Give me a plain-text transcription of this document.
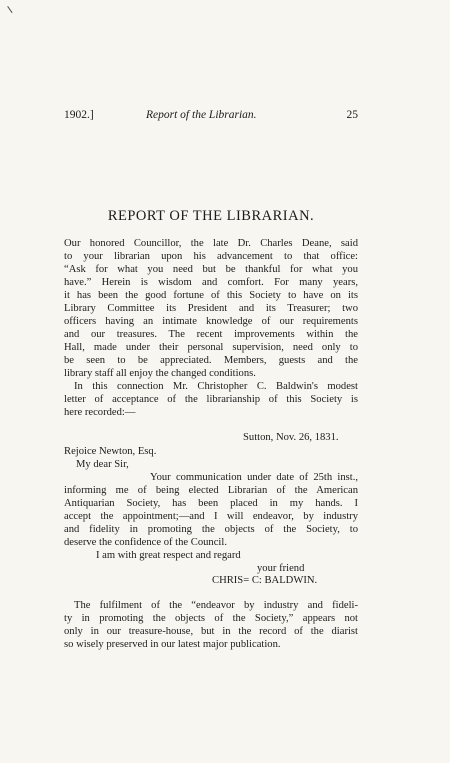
1902.]	Report of the Librarian.	25
REPORT OF THE LIBRARIAN.
Our honored Councillor, the late Dr. Charles Deane, said
to your librarian upon his advancement to that office:
“Ask for what you need but be thankful for what you
have.” Herein is wisdom and comfort. For many years,
it has been the good fortune of this Society to have on its
Library Committee its President and its Treasurer; two
officers having an intimate knowledge of our requirements
and our treasures. The recent improvements within the
Hall, made under their personal supervision, need only to
be seen to be appreciated. Members, guests and the
library staff all enjoy the changed conditions.
In this connection Mr. Christopher C. Baldwin's modest
letter of acceptance of the librarianship of this Society is
here recorded:—
Sutton, Nov. 26, 1831.
Rejoice Newton, Esq.
My dear Sir,
Your communication under date of 25th inst.,
informing me of being elected Librarian of the American
Antiquarian Society, has been placed in my hands. I
accept the appointment;—and I will endeavor, by industry
and fidelity in promoting the objects of the Society, to
deserve the confidence of the Council.
I am with great respect and regard
your friend
CHRIS= C: BALDWIN.
The fulfilment of the “endeavor by industry and fideli-
ty in promoting the objects of the Society,” appears not
only in our treasure-house, but in the record of the diarist
so wisely preserved in our latest major publication.
